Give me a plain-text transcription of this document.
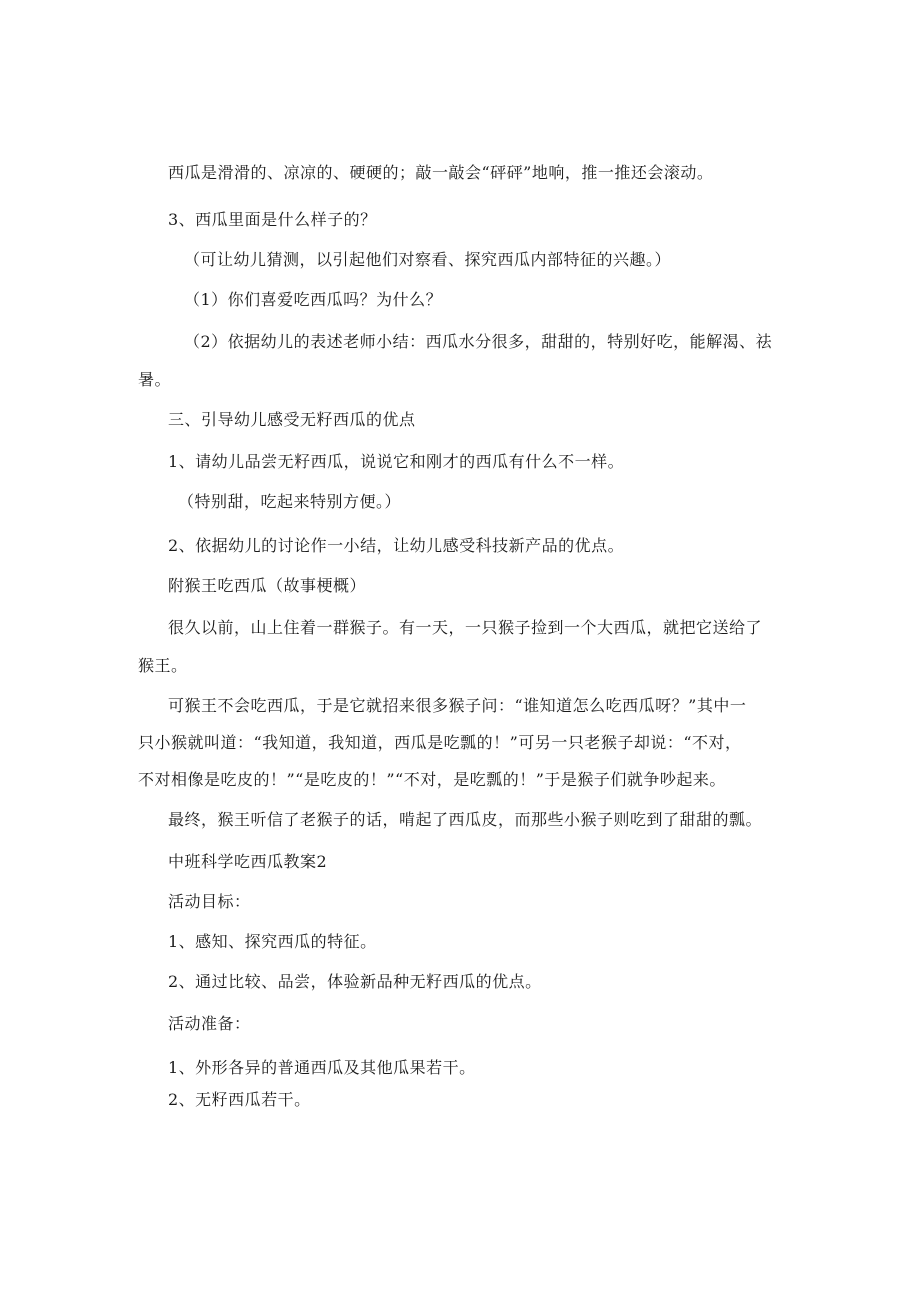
西瓜是滑滑的、凉凉的、硬硬的；敲一敲会“砰砰”地响，推一推还会滚动。
3、西瓜里面是什么样子的？
（可让幼儿猜测，以引起他们对察看、探究西瓜内部特征的兴趣。）
（1）你们喜爱吃西瓜吗？为什么？
（2）依据幼儿的表述老师小结：西瓜水分很多，甜甜的，特别好吃，能解渴、祛
暑。
三、引导幼儿感受无籽西瓜的优点
1、请幼儿品尝无籽西瓜，说说它和刚才的西瓜有什么不一样。
（特别甜，吃起来特别方便。）
2、依据幼儿的讨论作一小结，让幼儿感受科技新产品的优点。
附猴王吃西瓜（故事梗概）
很久以前，山上住着一群猴子。有一天，一只猴子捡到一个大西瓜，就把它送给了
猴王。
可猴王不会吃西瓜，于是它就招来很多猴子问：“谁知道怎么吃西瓜呀？”其中一
只小猴就叫道：“我知道，我知道，西瓜是吃瓢的！”可另一只老猴子却说：“不对，
不对相像是吃皮的！”“是吃皮的！”“不对，是吃瓢的！”于是猴子们就争吵起来。
最终，猴王听信了老猴子的话，啃起了西瓜皮，而那些小猴子则吃到了甜甜的瓢。
中班科学吃西瓜教案2
活动目标：
1、感知、探究西瓜的特征。
2、通过比较、品尝，体验新品种无籽西瓜的优点。
活动准备：
1、外形各异的普通西瓜及其他瓜果若干。
2、无籽西瓜若干。
